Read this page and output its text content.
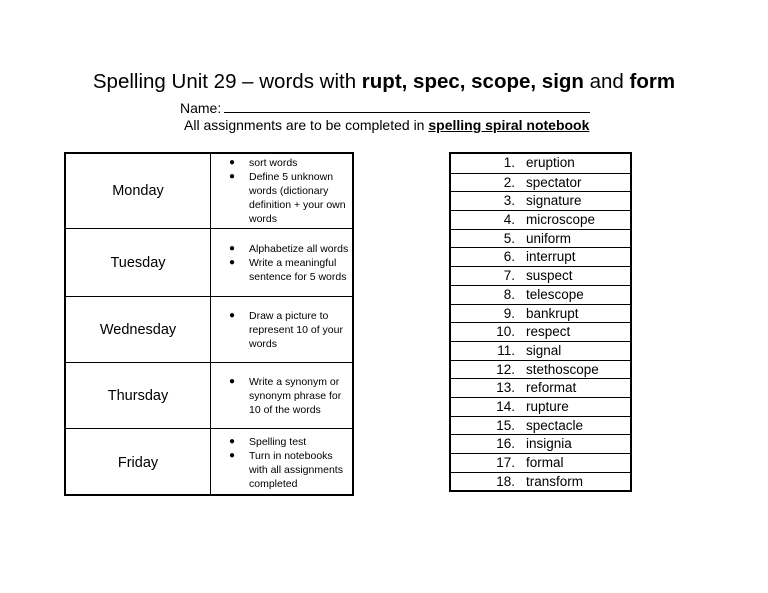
Spelling Unit 29 – words with rupt, spec, scope, sign and form
Name:
All assignments are to be completed in spelling spiral notebook
Monday
● sort words
● Define 5 unknown words (dictionary definition + your own words
Tuesday
● Alphabetize all words
● Write a meaningful sentence for 5 words
Wednesday
● Draw a picture to represent 10 of your words
Thursday
● Write a synonym or synonym phrase for 10 of the words
Friday
● Spelling test
● Turn in notebooks with all assignments completed
1. eruption
2. spectator
3. signature
4. microscope
5. uniform
6. interrupt
7. suspect
8. telescope
9. bankrupt
10. respect
11. signal
12. stethoscope
13. reformat
14. rupture
15. spectacle
16. insignia
17. formal
18. transform
